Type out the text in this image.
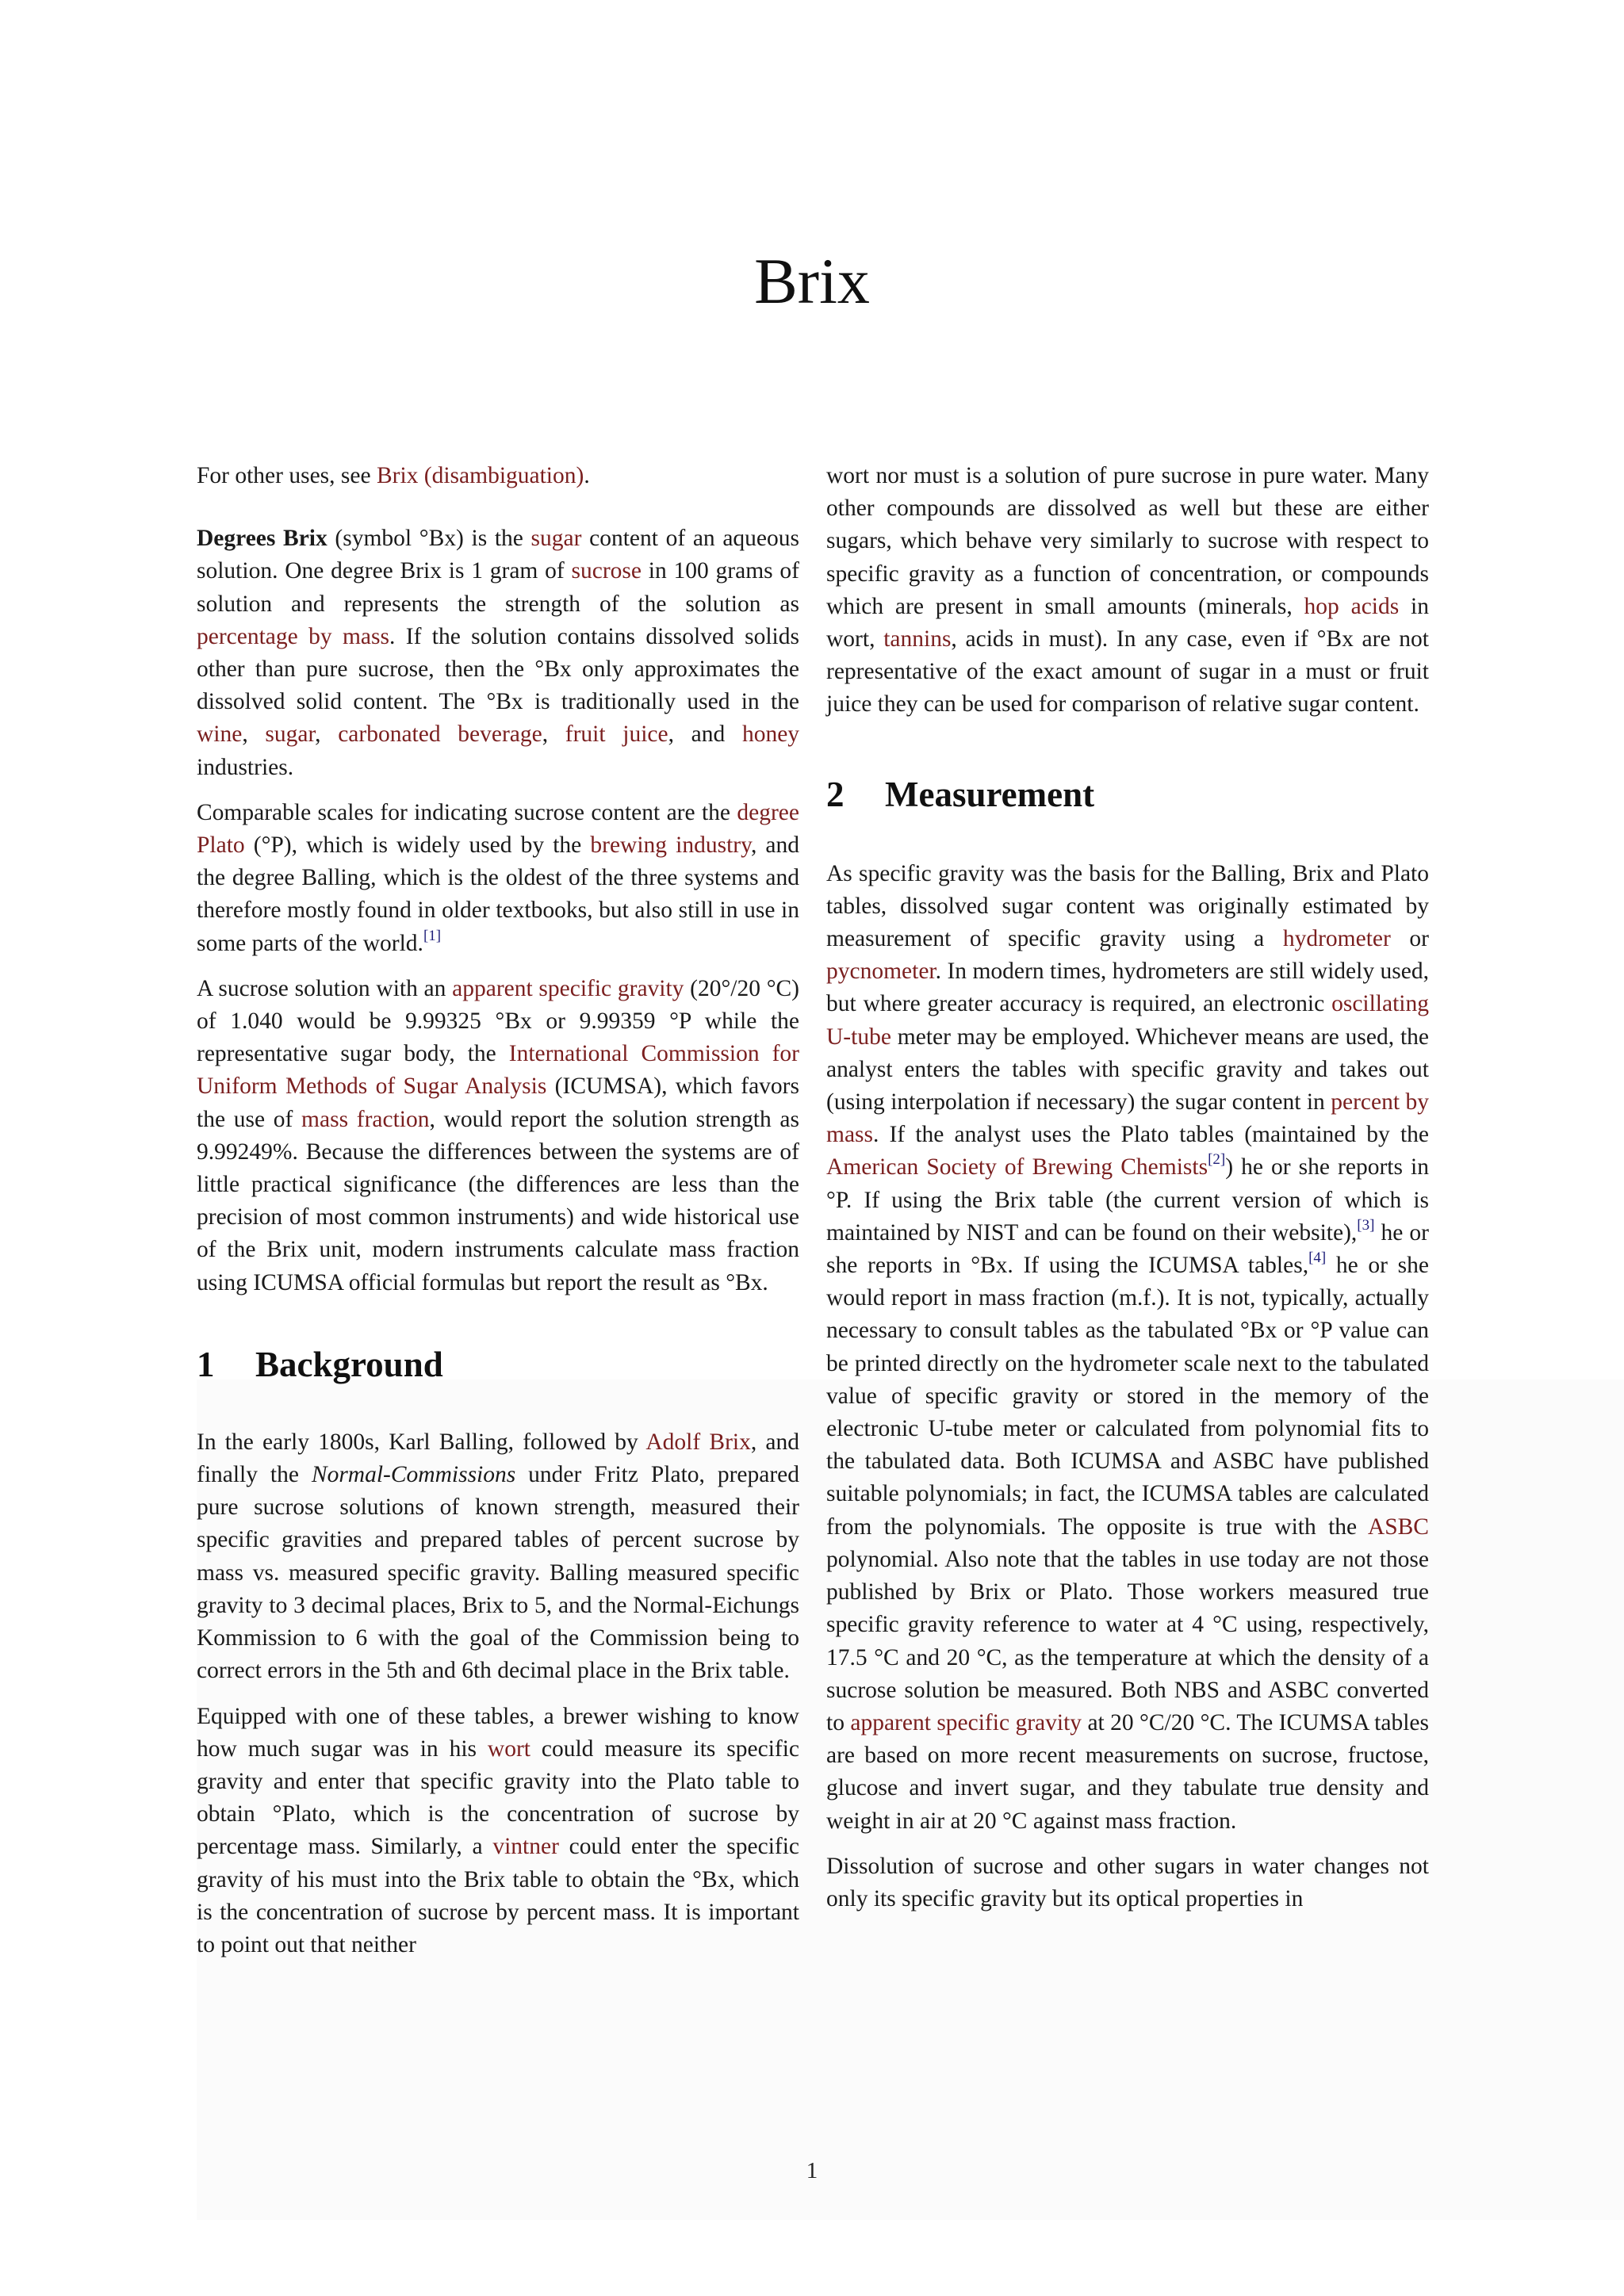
Brix

For other uses, see Brix (disambiguation).

Degrees Brix (symbol °Bx) is the sugar content of an aqueous solution. One degree Brix is 1 gram of sucrose in 100 grams of solution and represents the strength of the solution as percentage by mass. If the solution contains dissolved solids other than pure sucrose, then the °Bx only approximates the dissolved solid content. The °Bx is traditionally used in the wine, sugar, carbonated beverage, fruit juice, and honey industries.

Comparable scales for indicating sucrose content are the degree Plato (°P), which is widely used by the brewing industry, and the degree Balling, which is the oldest of the three systems and therefore mostly found in older textbooks, but also still in use in some parts of the world.[1]

A sucrose solution with an apparent specific gravity (20°/20 °C) of 1.040 would be 9.99325 °Bx or 9.99359 °P while the representative sugar body, the International Commission for Uniform Methods of Sugar Analysis (ICUMSA), which favors the use of mass fraction, would report the solution strength as 9.99249%. Because the differences between the systems are of little practical significance (the differences are less than the precision of most common instruments) and wide historical use of the Brix unit, modern instruments calculate mass fraction using ICUMSA official formulas but report the result as °Bx.

1 Background

In the early 1800s, Karl Balling, followed by Adolf Brix, and finally the Normal-Commissions under Fritz Plato, prepared pure sucrose solutions of known strength, measured their specific gravities and prepared tables of percent sucrose by mass vs. measured specific gravity. Balling measured specific gravity to 3 decimal places, Brix to 5, and the Normal-Eichungs Kommission to 6 with the goal of the Commission being to correct errors in the 5th and 6th decimal place in the Brix table.

Equipped with one of these tables, a brewer wishing to know how much sugar was in his wort could measure its specific gravity and enter that specific gravity into the Plato table to obtain °Plato, which is the concentration of sucrose by percentage mass. Similarly, a vintner could enter the specific gravity of his must into the Brix table to obtain the °Bx, which is the concentration of sucrose by percent mass. It is important to point out that neither

wort nor must is a solution of pure sucrose in pure water. Many other compounds are dissolved as well but these are either sugars, which behave very similarly to sucrose with respect to specific gravity as a function of concentration, or compounds which are present in small amounts (minerals, hop acids in wort, tannins, acids in must). In any case, even if °Bx are not representative of the exact amount of sugar in a must or fruit juice they can be used for comparison of relative sugar content.

2 Measurement

As specific gravity was the basis for the Balling, Brix and Plato tables, dissolved sugar content was originally estimated by measurement of specific gravity using a hydrometer or pycnometer. In modern times, hydrometers are still widely used, but where greater accuracy is required, an electronic oscillating U-tube meter may be employed. Whichever means are used, the analyst enters the tables with specific gravity and takes out (using interpolation if necessary) the sugar content in percent by mass. If the analyst uses the Plato tables (maintained by the American Society of Brewing Chemists[2]) he or she reports in °P. If using the Brix table (the current version of which is maintained by NIST and can be found on their website),[3] he or she reports in °Bx. If using the ICUMSA tables,[4] he or she would report in mass fraction (m.f.). It is not, typically, actually necessary to consult tables as the tabulated °Bx or °P value can be printed directly on the hydrometer scale next to the tabulated value of specific gravity or stored in the memory of the electronic U-tube meter or calculated from polynomial fits to the tabulated data. Both ICUMSA and ASBC have published suitable polynomials; in fact, the ICUMSA tables are calculated from the polynomials. The opposite is true with the ASBC polynomial. Also note that the tables in use today are not those published by Brix or Plato. Those workers measured true specific gravity reference to water at 4 °C using, respectively, 17.5 °C and 20 °C, as the temperature at which the density of a sucrose solution be measured. Both NBS and ASBC converted to apparent specific gravity at 20 °C/20 °C. The ICUMSA tables are based on more recent measurements on sucrose, fructose, glucose and invert sugar, and they tabulate true density and weight in air at 20 °C against mass fraction.

Dissolution of sucrose and other sugars in water changes not only its specific gravity but its optical properties in

1
